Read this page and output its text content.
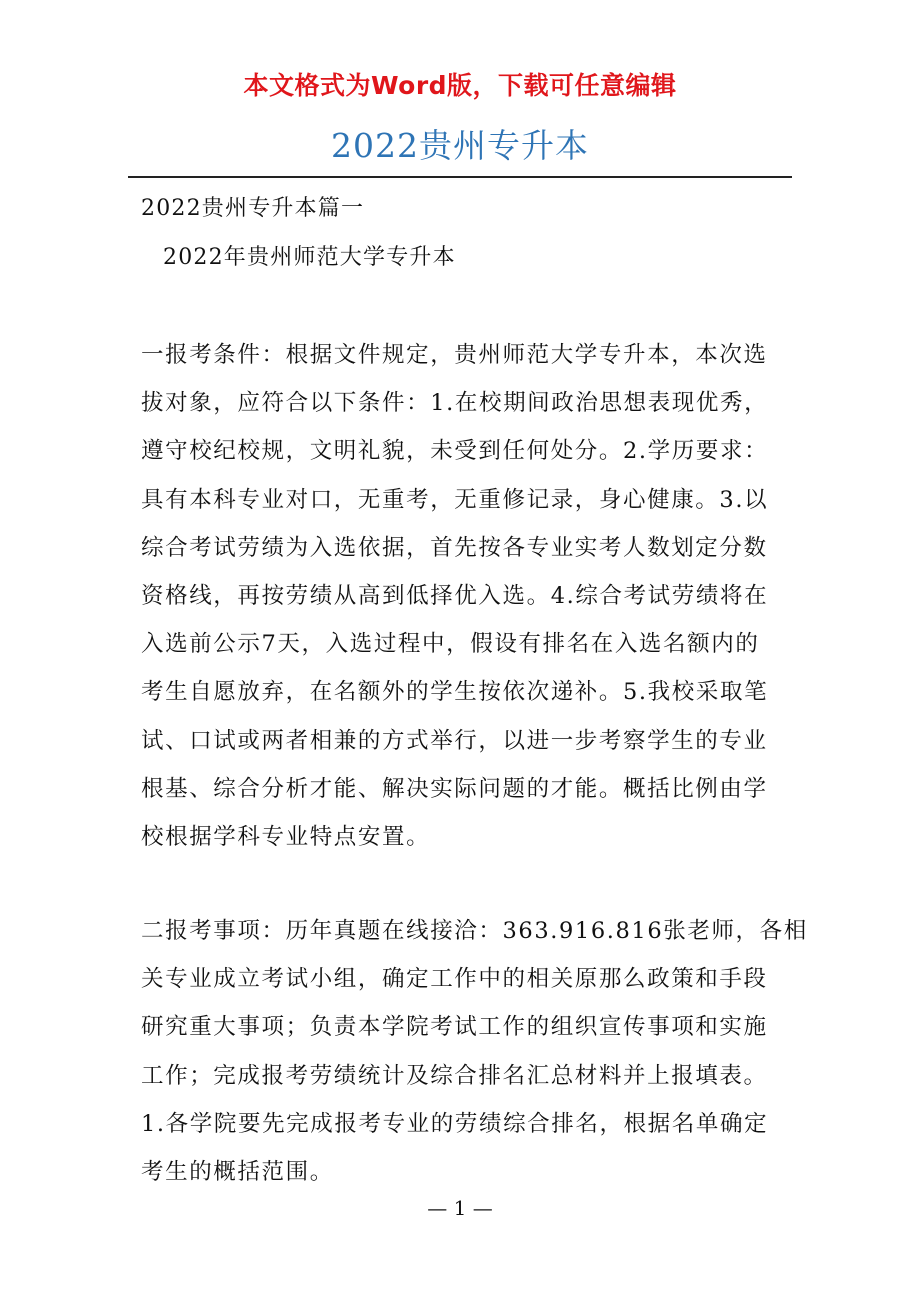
本文格式为Word版，下载可任意编辑
2022贵州专升本
2022贵州专升本篇一
2022年贵州师范大学专升本
一报考条件：根据文件规定，贵州师范大学专升本，本次选
拔对象，应符合以下条件：1.在校期间政治思想表现优秀，
遵守校纪校规，文明礼貌，未受到任何处分。2.学历要求：
具有本科专业对口，无重考，无重修记录，身心健康。3.以
综合考试劳绩为入选依据，首先按各专业实考人数划定分数
资格线，再按劳绩从高到低择优入选。4.综合考试劳绩将在
入选前公示7天，入选过程中，假设有排名在入选名额内的
考生自愿放弃，在名额外的学生按依次递补。5.我校采取笔
试、口试或两者相兼的方式举行，以进一步考察学生的专业
根基、综合分析才能、解决实际问题的才能。概括比例由学
校根据学科专业特点安置。
二报考事项：历年真题在线接洽：363.916.816张老师，各相
关专业成立考试小组，确定工作中的相关原那么政策和手段
研究重大事项；负责本学院考试工作的组织宣传事项和实施
工作；完成报考劳绩统计及综合排名汇总材料并上报填表。
1.各学院要先完成报考专业的劳绩综合排名，根据名单确定
考生的概括范围。
— 1 —
